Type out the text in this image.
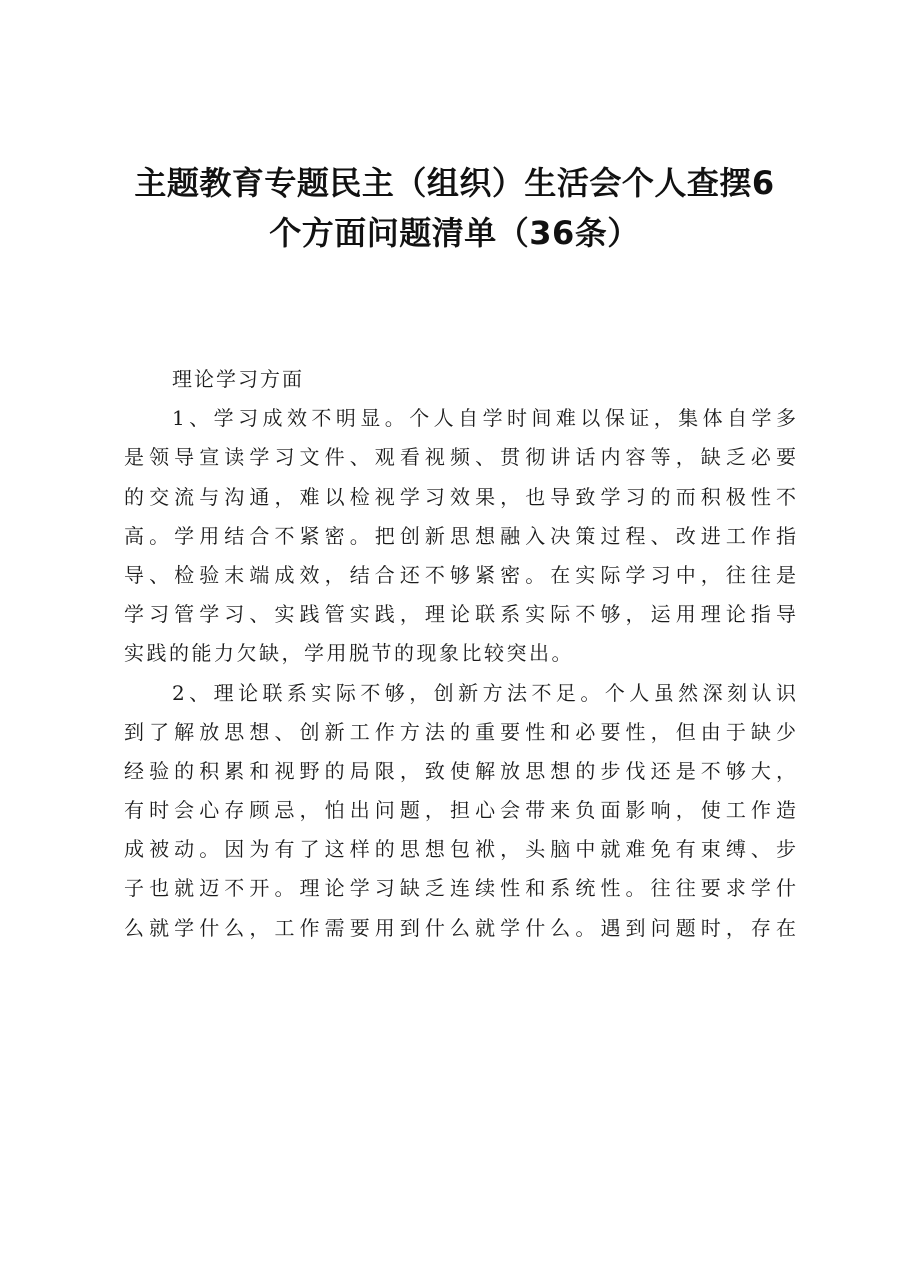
主题教育专题民主（组织）生活会个人查摆6
个方面问题清单（36条）
理论学习方面
1、学习成效不明显。个人自学时间难以保证，集体自学多
是领导宣读学习文件、观看视频、贯彻讲话内容等，缺乏必要
的交流与沟通，难以检视学习效果，也导致学习的而积极性不
高。学用结合不紧密。把创新思想融入决策过程、改进工作指
导、检验末端成效，结合还不够紧密。在实际学习中，往往是
学习管学习、实践管实践，理论联系实际不够，运用理论指导
实践的能力欠缺，学用脱节的现象比较突出。
2、理论联系实际不够，创新方法不足。个人虽然深刻认识
到了解放思想、创新工作方法的重要性和必要性，但由于缺少
经验的积累和视野的局限，致使解放思想的步伐还是不够大，
有时会心存顾忌，怕出问题，担心会带来负面影响，使工作造
成被动。因为有了这样的思想包袱，头脑中就难免有束缚、步
子也就迈不开。理论学习缺乏连续性和系统性。往往要求学什
么就学什么，工作需要用到什么就学什么。遇到问题时，存在
